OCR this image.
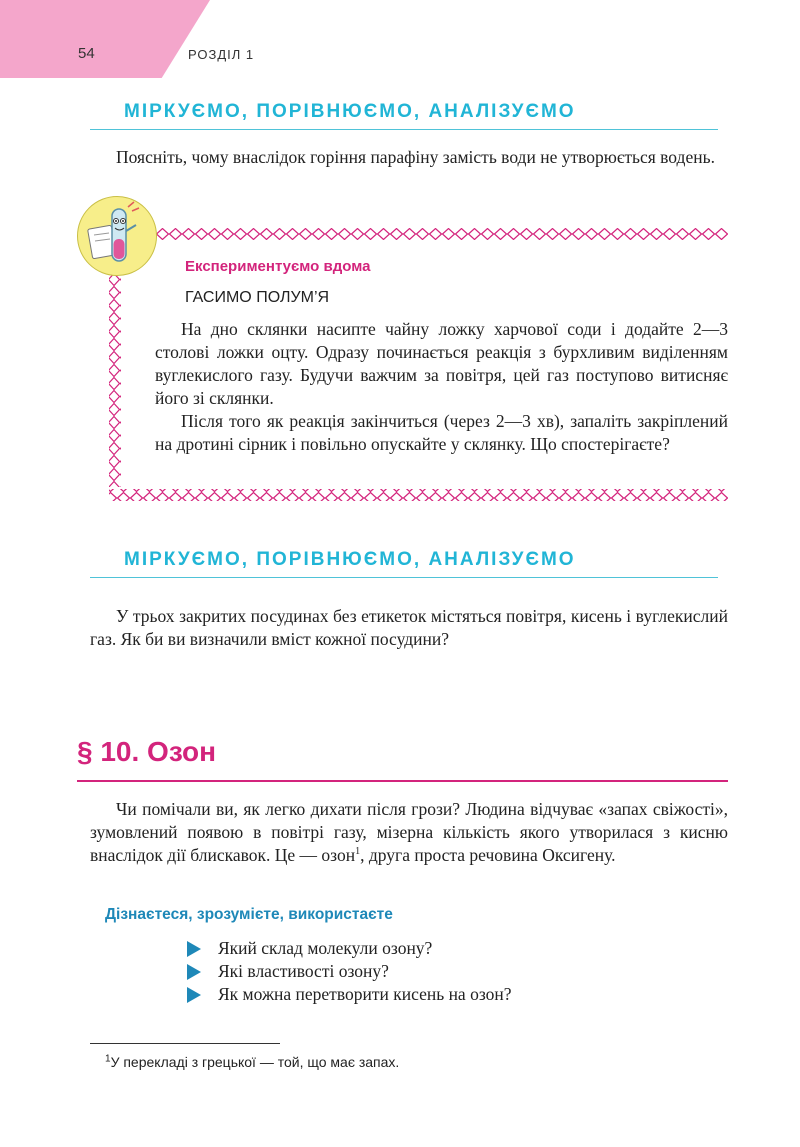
54	РОЗДІЛ 1
МІРКУЄМО, ПОРІВНЮЄМО, АНАЛІЗУЄМО

Поясніть, чому внаслідок горіння парафіну замість води не утворюється водень.

Експериментуємо вдома
ГАСИМО ПОЛУМ’Я

На дно склянки насипте чайну ложку харчової соди і додайте 2—3 столові ложки оцту. Одразу починається реакція з бурхливим виділенням вуглекислого газу. Будучи важчим за повітря, цей газ поступово витисняє його зі склянки.

Після того як реакція закінчиться (через 2—3 хв), запаліть закріплений на дротині сірник і повільно опускайте у склянку. Що спостерігаєте?

МІРКУЄМО, ПОРІВНЮЄМО, АНАЛІЗУЄМО

У трьох закритих посудинах без етикеток містяться повітря, кисень і вуглекислий газ. Як би ви визначили вміст кожної посудини?

§ 10. Озон

Чи помічали ви, як легко дихати після грози? Людина відчуває «запах свіжості», зумовлений появою в повітрі газу, мізерна кількість якого утворилася з кисню внаслідок дії блискавок. Це — озон$^1$, друга проста речовина Оксигену.

Дізнаєтеся, зрозумієте, використаєте
Який склад молекули озону?
Які властивості озону?
Як можна перетворити кисень на озон?
$^1$У перекладі з грецької — той, що має запах.
